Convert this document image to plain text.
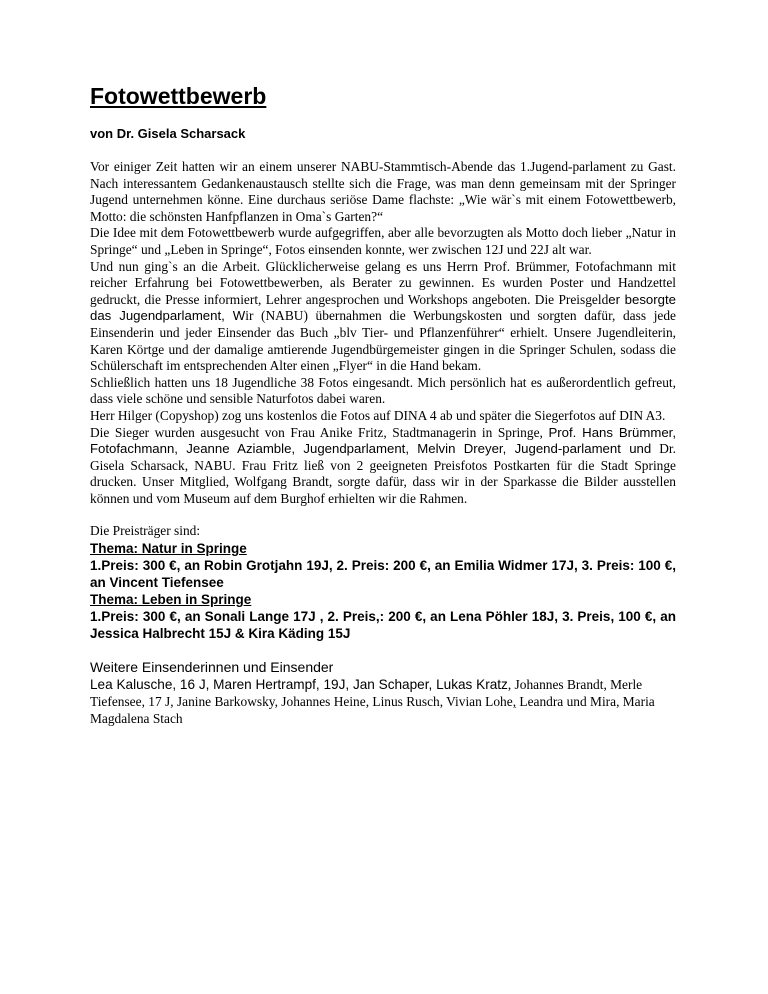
Fotowettbewerb
von Dr. Gisela Scharsack

Vor einiger Zeit hatten wir an einem unserer NABU-Stammtisch-Abende das 1.Jugend-parlament zu Gast. Nach interessantem Gedankenaustausch stellte sich die Frage, was man denn gemeinsam mit der Springer Jugend unternehmen könne. Eine durchaus seriöse Dame flachste: „Wie wär`s mit einem Fotowettbewerb, Motto: die schönsten Hanfpflanzen in Oma`s Garten?“

Die Idee mit dem Fotowettbewerb wurde aufgegriffen, aber alle bevorzugten als Motto doch lieber „Natur in Springe“ und „Leben in Springe“, Fotos einsenden konnte, wer zwischen 12J und 22J alt war.

Und nun ging`s an die Arbeit. Glücklicherweise gelang es uns Herrn Prof. Brümmer, Fotofachmann mit reicher Erfahrung bei Fotowettbewerben, als Berater zu gewinnen. Es wurden Poster und Handzettel gedruckt, die Presse informiert, Lehrer angesprochen und Workshops angeboten. Die Preisgelder besorgte das Jugendparlament, Wir (NABU) übernahmen die Werbungskosten und sorgten dafür, dass jede Einsenderin und jeder Einsender das Buch „blv Tier- und Pflanzenführer“ erhielt. Unsere Jugendleiterin, Karen Körtge und der damalige amtierende Jugendbürgemeister gingen in die Springer Schulen, sodass die Schülerschaft im entsprechenden Alter einen „Flyer“ in die Hand bekam.

Schließlich hatten uns 18 Jugendliche 38 Fotos eingesandt. Mich persönlich hat es außerordentlich gefreut, dass viele schöne und sensible Naturfotos dabei waren.

Herr Hilger (Copyshop) zog uns kostenlos die Fotos auf DINA 4 ab und später die Siegerfotos auf DIN A3.

Die Sieger wurden ausgesucht von Frau Anike Fritz, Stadtmanagerin in Springe, Prof. Hans Brümmer, Fotofachmann, Jeanne Aziamble, Jugendparlament, Melvin Dreyer, Jugend-parlament und Dr. Gisela Scharsack, NABU. Frau Fritz ließ von 2 geeigneten Preisfotos Postkarten für die Stadt Springe drucken. Unser Mitglied, Wolfgang Brandt, sorgte dafür, dass wir in der Sparkasse die Bilder ausstellen können und vom Museum auf dem Burghof erhielten wir die Rahmen.

Die Preisträger sind:

Thema: Natur in Springe

1.Preis: 300 €, an Robin Grotjahn 19J, 2. Preis: 200 €, an Emilia Widmer 17J, 3. Preis: 100 €, an Vincent Tiefensee

Thema: Leben in Springe

1.Preis: 300 €, an Sonali Lange 17J , 2. Preis,: 200 €, an Lena Pöhler 18J, 3. Preis, 100 €, an Jessica Halbrecht 15J & Kira Käding 15J

Weitere Einsenderinnen und Einsender

Lea Kalusche, 16 J, Maren Hertrampf, 19J, Jan Schaper, Lukas Kratz, Johannes Brandt, Merle Tiefensee, 17 J, Janine Barkowsky, Johannes Heine, Linus Rusch, Vivian Lohe, Leandra und Mira, Maria Magdalena Stach
